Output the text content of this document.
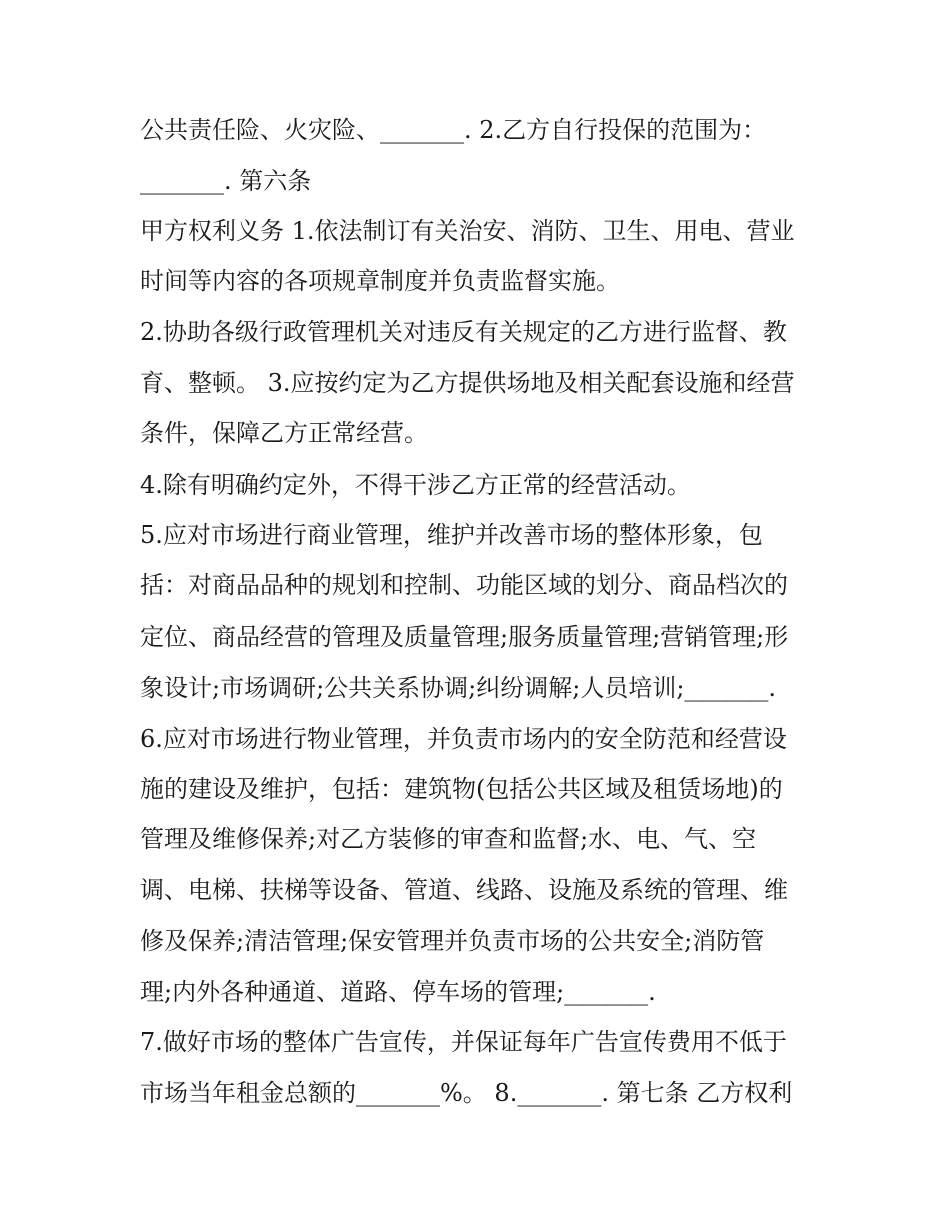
公共责任险、火灾险、_______. 2.乙方自行投保的范围为：

_______. 第六条

甲方权利义务 1.依法制订有关治安、消防、卫生、用电、营业

时间等内容的各项规章制度并负责监督实施。

2.协助各级行政管理机关对违反有关规定的乙方进行监督、教

育、整顿。 3.应按约定为乙方提供场地及相关配套设施和经营

条件，保障乙方正常经营。

4.除有明确约定外，不得干涉乙方正常的经营活动。

5.应对市场进行商业管理，维护并改善市场的整体形象，包

括：对商品品种的规划和控制、功能区域的划分、商品档次的

定位、商品经营的管理及质量管理;服务质量管理;营销管理;形

象设计;市场调研;公共关系协调;纠纷调解;人员培训;_______.

6.应对市场进行物业管理，并负责市场内的安全防范和经营设

施的建设及维护，包括：建筑物(包括公共区域及租赁场地)的

管理及维修保养;对乙方装修的审查和监督;水、电、气、空

调、电梯、扶梯等设备、管道、线路、设施及系统的管理、维

修及保养;清洁管理;保安管理并负责市场的公共安全;消防管

理;内外各种通道、道路、停车场的管理;_______.

7.做好市场的整体广告宣传，并保证每年广告宣传费用不低于

市场当年租金总额的_______%。 8._______. 第七条 乙方权利
